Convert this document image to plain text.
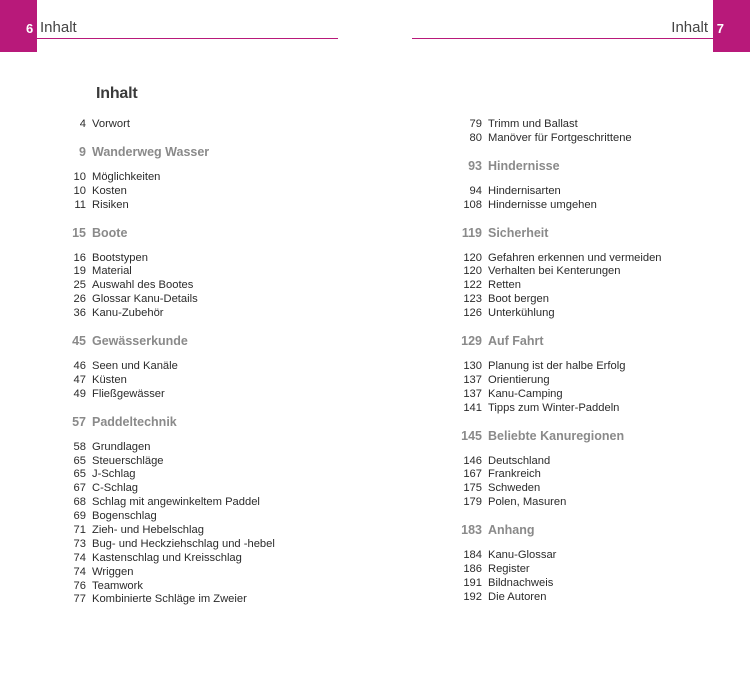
6 Inhalt	7
Inhalt
Inhalt
4 Vorwort
9 Wanderweg Wasser
10 Möglichkeiten
10 Kosten
11 Risiken
15 Boote
16 Bootstypen
19 Material
25 Auswahl des Bootes
26 Glossar Kanu-Details
36 Kanu-Zubehör
45 Gewässerkunde
46 Seen und Kanäle
47 Küsten
49 Fließgewässer
57 Paddeltechnik
58 Grundlagen
65 Steuerschläge
65 J-Schlag
67 C-Schlag
68 Schlag mit angewinkeltem Paddel
69 Bogenschlag
71 Zieh- und Hebelschlag
73 Bug- und Heckziehschlag und -hebel
74 Kastenschlag und Kreisschlag
74 Wriggen
76 Teamwork
77 Kombinierte Schläge im Zweier
79 Trimm und Ballast
80 Manöver für Fortgeschrittene
93 Hindernisse
94 Hindernisarten
108 Hindernisse umgehen
119 Sicherheit
120 Gefahren erkennen und vermeiden
120 Verhalten bei Kenterungen
122 Retten
123 Boot bergen
126 Unterkühlung
129 Auf Fahrt
130 Planung ist der halbe Erfolg
137 Orientierung
137 Kanu-Camping
141 Tipps zum Winter-Paddeln
145 Beliebte Kanuregionen
146 Deutschland
167 Frankreich
175 Schweden
179 Polen, Masuren
183 Anhang
184 Kanu-Glossar
186 Register
191 Bildnachweis
192 Die Autoren
